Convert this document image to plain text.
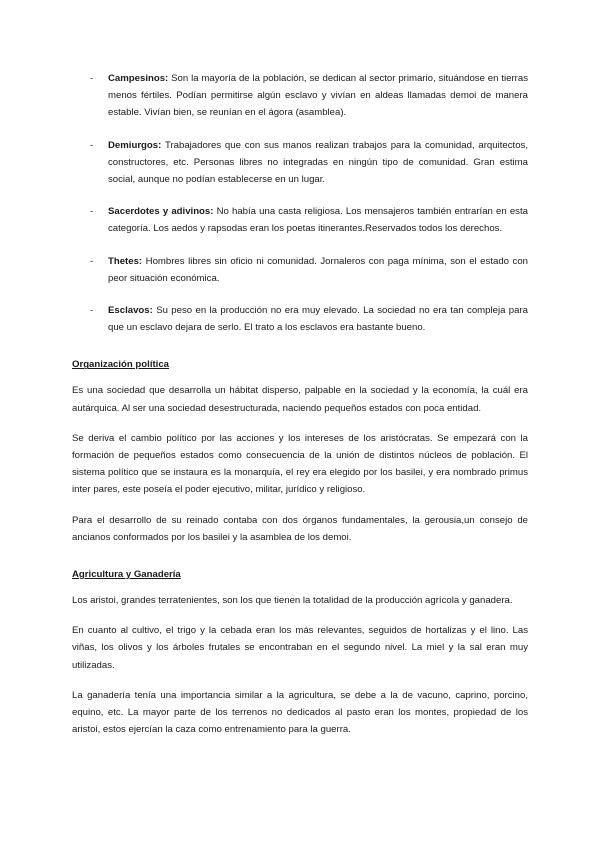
- Campesinos: Son la mayoría de la población, se dedican al sector primario, situándose en tierras menos fértiles. Podían permitirse algún esclavo y vivían en aldeas llamadas demoi de manera estable. Vivían bien, se reunían en el ágora (asamblea).

- Demiurgos: Trabajadores que con sus manos realizan trabajos para la comunidad, arquitectos, constructores, etc. Personas libres no integradas en ningún tipo de comunidad. Gran estima social, aunque no podían establecerse en un lugar.

- Sacerdotes y adivinos: No había una casta religiosa. Los mensajeros también entrarían en esta categoría. Los aedos y rapsodas eran los poetas itinerantes.Reservados todos los derechos.

- Thetes: Hombres libres sin oficio ni comunidad. Jornaleros con paga mínima, son el estado con peor situación económica.

- Esclavos: Su peso en la producción no era muy elevado. La sociedad no era tan compleja para que un esclavo dejara de serlo. El trato a los esclavos era bastante bueno.

Organización política

Es una sociedad que desarrolla un hábitat disperso, palpable en la sociedad y la economía, la cuál era autárquica. Al ser una sociedad desestructurada, naciendo pequeños estados con poca entidad.

Se deriva el cambio político por las acciones y los intereses de los aristócratas. Se empezará con la formación de pequeños estados como consecuencia de la unión de distintos núcleos de población. El sistema político que se instaura es la monarquía, el rey era elegido por los basilei, y era nombrado primus inter pares, este poseía el poder ejecutivo, militar, jurídico y religioso.

Para el desarrollo de su reinado contaba con dos órganos fundamentales, la gerousia,un consejo de ancianos conformados por los basilei y la asamblea de los demoi.

Agricultura y Ganadería

Los aristoi, grandes terratenientes, son los que tienen la totalidad de la producción agrícola y ganadera.

En cuanto al cultivo, el trigo y la cebada eran los más relevantes, seguidos de hortalizas y el lino. Las viñas, los olivos y los árboles frutales se encontraban en el segundo nivel. La miel y la sal eran muy utilizadas.

La ganadería tenía una importancia similar a la agricultura, se debe a la de vacuno, caprino, porcino, equino, etc. La mayor parte de los terrenos no dedicados al pasto eran los montes, propiedad de los aristoi, estos ejercían la caza como entrenamiento para la guerra.
